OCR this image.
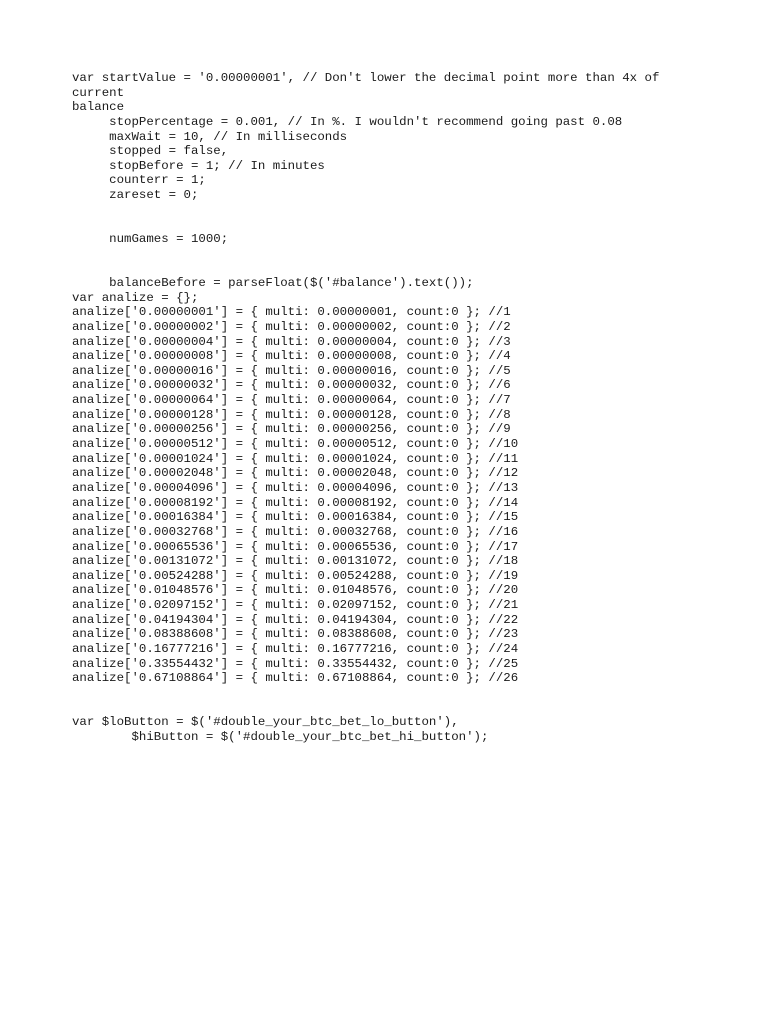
var startValue = '0.00000001', // Don't lower the decimal point more than 4x of
current
balance
stopPercentage = 0.001, // In %. I wouldn't recommend going past 0.08
maxWait = 10, // In milliseconds
stopped = false,
stopBefore = 1; // In minutes
counterr = 1;
zareset = 0;
numGames = 1000;
balanceBefore = parseFloat($('#balance').text());
var analize = {};
analize['0.00000001'] = { multi: 0.00000001, count:0 }; //1
analize['0.00000002'] = { multi: 0.00000002, count:0 }; //2
analize['0.00000004'] = { multi: 0.00000004, count:0 }; //3
analize['0.00000008'] = { multi: 0.00000008, count:0 }; //4
analize['0.00000016'] = { multi: 0.00000016, count:0 }; //5
analize['0.00000032'] = { multi: 0.00000032, count:0 }; //6
analize['0.00000064'] = { multi: 0.00000064, count:0 }; //7
analize['0.00000128'] = { multi: 0.00000128, count:0 }; //8
analize['0.00000256'] = { multi: 0.00000256, count:0 }; //9
analize['0.00000512'] = { multi: 0.00000512, count:0 }; //10
analize['0.00001024'] = { multi: 0.00001024, count:0 }; //11
analize['0.00002048'] = { multi: 0.00002048, count:0 }; //12
analize['0.00004096'] = { multi: 0.00004096, count:0 }; //13
analize['0.00008192'] = { multi: 0.00008192, count:0 }; //14
analize['0.00016384'] = { multi: 0.00016384, count:0 }; //15
analize['0.00032768'] = { multi: 0.00032768, count:0 }; //16
analize['0.00065536'] = { multi: 0.00065536, count:0 }; //17
analize['0.00131072'] = { multi: 0.00131072, count:0 }; //18
analize['0.00524288'] = { multi: 0.00524288, count:0 }; //19
analize['0.01048576'] = { multi: 0.01048576, count:0 }; //20
analize['0.02097152'] = { multi: 0.02097152, count:0 }; //21
analize['0.04194304'] = { multi: 0.04194304, count:0 }; //22
analize['0.08388608'] = { multi: 0.08388608, count:0 }; //23
analize['0.16777216'] = { multi: 0.16777216, count:0 }; //24
analize['0.33554432'] = { multi: 0.33554432, count:0 }; //25
analize['0.67108864'] = { multi: 0.67108864, count:0 }; //26
var $loButton = $('#double_your_btc_bet_lo_button'),
$hiButton = $('#double_your_btc_bet_hi_button');
